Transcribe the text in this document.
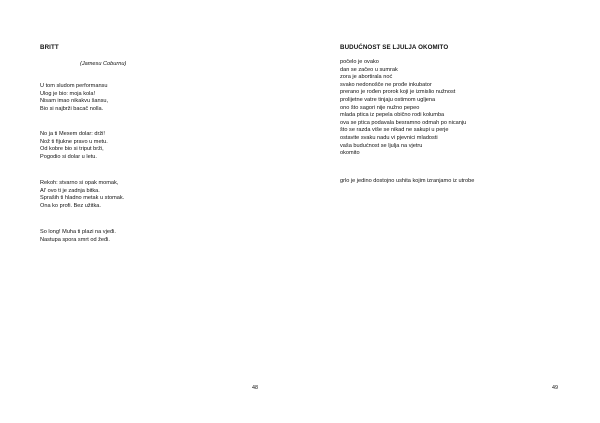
BRITT
(Jamesu Coburnu)
U tom sludom performansu
Ulog je bio: moja kola!
Nisam imao nikakvu šansu,
Bio si najbrži bacač nolla.
No ja ti Mexem dolar: drži!
Nož ti fijukne pravo u metu.
Od kobre bio si triput brži,
Pogodio si dolar u letu.
Rekoh: stvarno si opak momak,
Al' ovo ti je zadnja bitka.
Spraših ti hladno metak u stomak.
Ona ko profi. Bez užitka.
So long! Muha ti plazi na vjeđi.
Nastupa spora smrt od žeđi.
48
BUDUĆNOST SE LJULJA OKOMITO
počelo je ovako
dan se začeo u sumrak
zora je abortirala noć
svako nedonošče ne prođe inkubator
prerano je rođen prorok koji je izmislio nužnost
prolijetne vatre tinjaju ostimom ugljena
ono što sagori nije nužno pepeo
mlada ptica iz pepela obično rodi kolumba
ova se ptica podavala besramno odmah po nicanju
što se razda više se nikad ne sakupi u perje
ostavite svaku nadu vi pjevnici mladosti
vaša budućnost se ljulja na vjetru
okomito
grlo je jedino dostojno ushita kojim izranjamo iz utrobe
49
